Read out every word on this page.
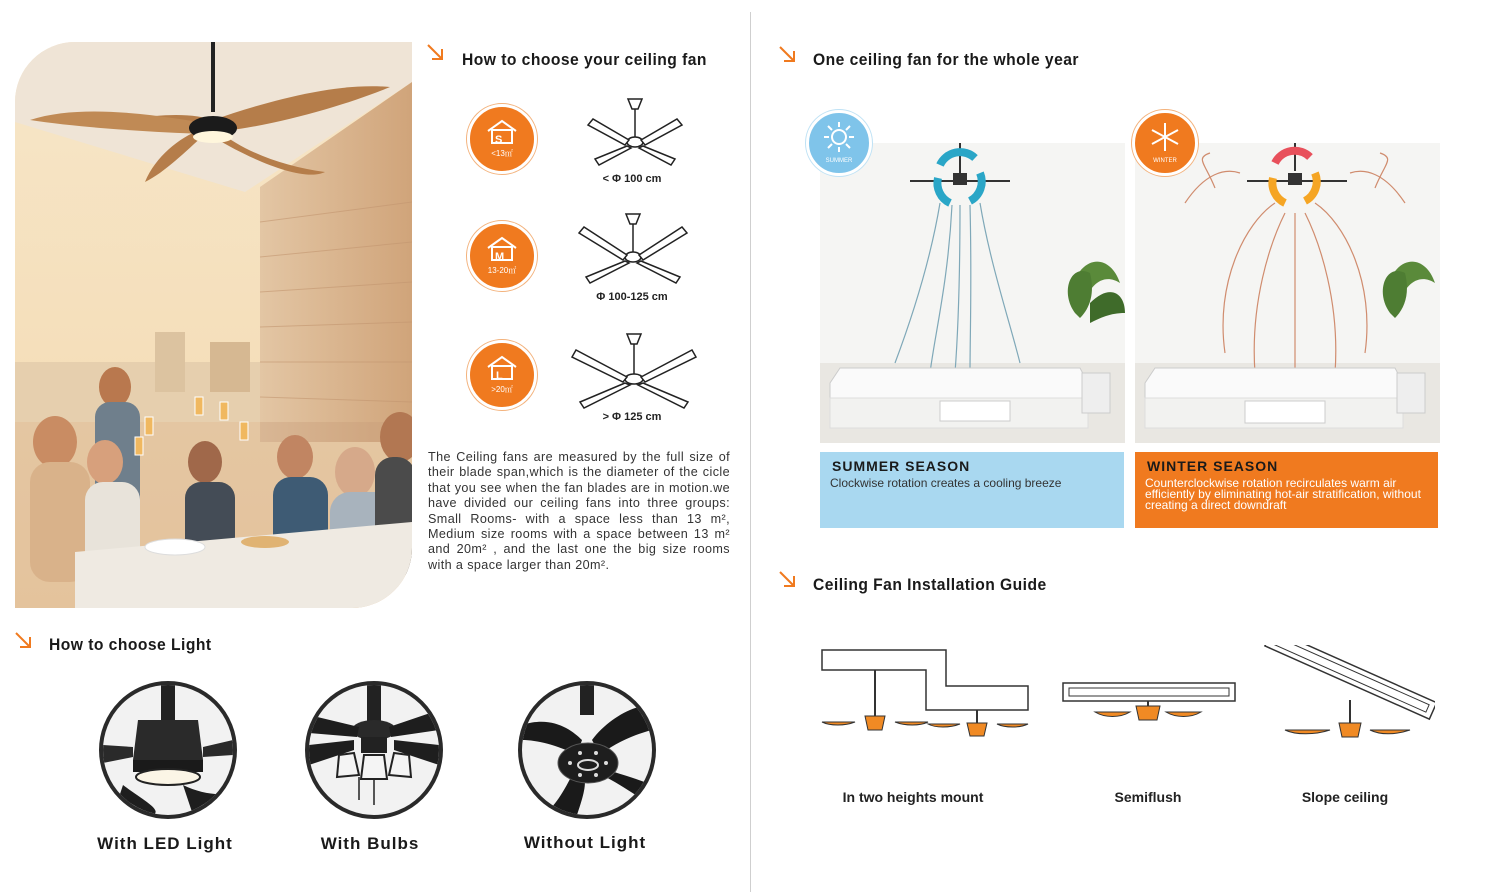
How to choose your ceiling fan
S
<13㎡
< Φ 100 cm
M
13-20㎡
Φ 100-125 cm
L
>20㎡
> Φ 125 cm
The Ceiling fans are measured by the full size of their blade span,which is the diameter of the cicle that you see when the fan blades are in motion.we have divided our ceiling fans into three groups: Small Rooms- with a space less than 13 m², Medium size rooms with a space between 13 m² and 20m² , and the last one the big size rooms with a space larger than 20m².
How to choose Light
With LED Light	With Bulbs	Without Light
One ceiling fan for the whole year
SUMMER
SUMMER SEASON
Clockwise rotation creates a cooling breeze
WINTER
WINTER SEASON
Counterclockwise rotation recirculates warm air efficiently by eliminating hot-air stratification, without creating a direct downdraft
Ceiling Fan Installation Guide
In two heights mount	Semiflush	Slope ceiling
